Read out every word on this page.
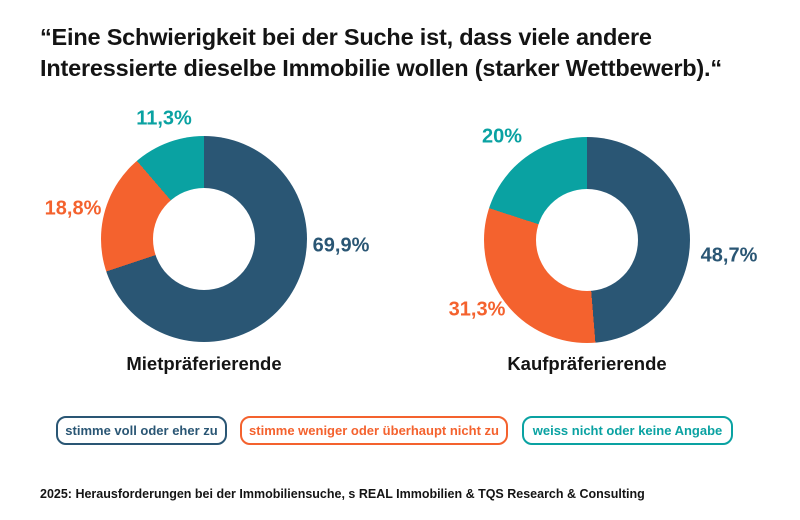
“Eine Schwierigkeit bei der Suche ist, dass viele andere
Interessierte dieselbe Immobilie wollen (starker Wettbewerb).“
69,9%
18,8%
11,3%
Mietpräferierende
48,7%
31,3%
20%
Kaufpräferierende
stimme voll oder eher zu	stimme weniger oder überhaupt nicht zu	weiss nicht oder keine Angabe
2025: Herausforderungen bei der Immobiliensuche, s REAL Immobilien & TQS Research & Consulting
